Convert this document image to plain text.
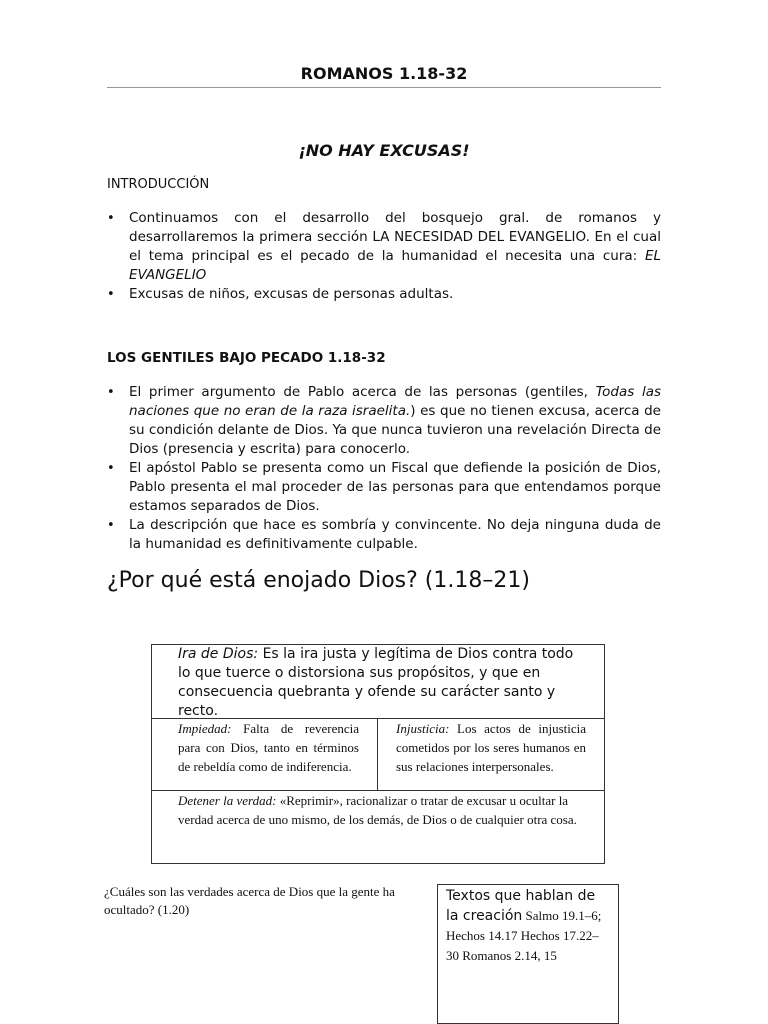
ROMANOS 1.18-32
¡NO HAY EXCUSAS!
INTRODUCCIÓN
• Continuamos con el desarrollo del bosquejo gral. de romanos y desarrollaremos la primera sección LA NECESIDAD DEL EVANGELIO. En el cual el tema principal es el pecado de la humanidad el necesita una cura: EL EVANGELIO
• Excusas de niños, excusas de personas adultas.
LOS GENTILES BAJO PECADO 1.18-32
• El primer argumento de Pablo acerca de las personas (gentiles, Todas las naciones que no eran de la raza israelita.) es que no tienen excusa, acerca de su condición delante de Dios. Ya que nunca tuvieron una revelación Directa de Dios (presencia y escrita) para conocerlo.
• El apóstol Pablo se presenta como un Fiscal que defiende la posición de Dios, Pablo presenta el mal proceder de las personas para que entendamos porque estamos separados de Dios.
• La descripción que hace es sombría y convincente. No deja ninguna duda de la humanidad es definitivamente culpable.
¿Por qué está enojado Dios? (1.18–21)
Ira de Dios: Es la ira justa y legítima de Dios contra todo lo que tuerce o distorsiona sus propósitos, y que en consecuencia quebranta y ofende su carácter santo y recto.
Impiedad: Falta de reverencia para con Dios, tanto en términos de rebeldía como de indiferencia.
Injusticia: Los actos de injusticia cometidos por los seres humanos en sus relaciones interpersonales.
Detener la verdad: «Reprimir», racionalizar o tratar de excusar u ocultar la verdad acerca de uno mismo, de los demás, de Dios o de cualquier otra cosa.
¿Cuáles son las verdades acerca de Dios que la gente ha ocultado? (1.20)
Textos que hablan de la creación Salmo 19.1–6; Hechos 14.17 Hechos 17.22–30 Romanos 2.14, 15
